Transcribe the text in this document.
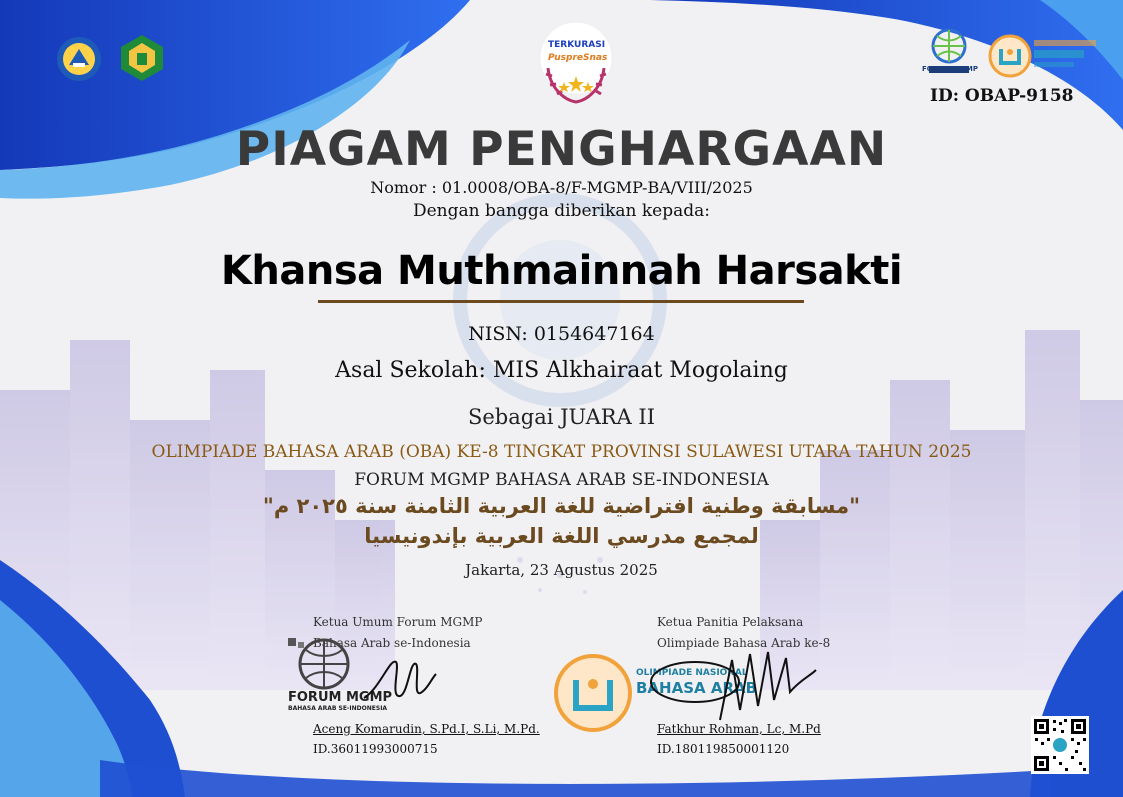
TERKURASI
PuspreSnas
FORUM MGMP
ID: OBAP-9158
PIAGAM PENGHARGAAN
Nomor : 01.0008/OBA-8/F-MGMP-BA/VIII/2025
Dengan bangga diberikan kepada:
Khansa Muthmainnah Harsakti
NISN: 0154647164
Asal Sekolah: MIS Alkhairaat Mogolaing
Sebagai JUARA II
OLIMPIADE BAHASA ARAB (OBA) KE-8 TINGKAT PROVINSI SULAWESI UTARA TAHUN 2025
FORUM MGMP BAHASA ARAB SE-INDONESIA
"مسابقة وطنية افتراضية للغة العربية الثامنة سنة ٢٠٢٥ م"
لمجمع مدرسي اللغة العربية بإندونيسيا
Jakarta, 23 Agustus 2025
Ketua Umum Forum MGMP
Bahasa Arab se-Indonesia
FORUM MGMP
BAHASA ARAB SE-INDONESIA
Aceng Komarudin, S.Pd.I, S.Li, M.Pd.
ID.36011993000715
Ketua Panitia Pelaksana
Olimpiade Bahasa Arab ke-8
OLIMPIADE NASIONAL
BAHASA ARAB
Fatkhur Rohman, Lc, M.Pd
ID.180119850001120
